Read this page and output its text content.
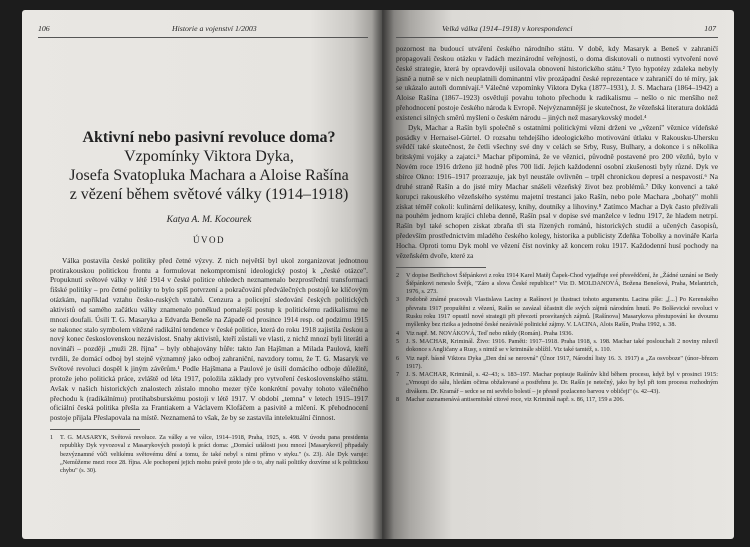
106	Historie a vojenství 1/2003
Aktivní nebo pasivní revoluce doma?
Vzpomínky Viktora Dyka,
Josefa Svatopluka Machara a Aloise Rašína
z vězení během světové války (1914–1918)
Katya A. M. Kocourek
ÚVOD

Válka postavila české politiky před četné výzvy. Z nich největší byl ukol zorganizovat jednotnou protirakouskou politickou frontu a formulovat nekompromisní ideologický postoj k „české otázce". Propuknutí světové války v létě 1914 v české politice ohledech neznamenalo bezprostřední transformaci fišské politiky – pro četné politiky to bylo spíš potvrzení a pokračování předválečných postojů ke klíčovým otázkám, například vztahu česko-ruských vztahů. Cenzura a policejní sledování českých politických aktivistů od samého začátku války znamenalo poněkud pomalejší postup k politickému radikalismu ne mnozí doufali. Úsilí T. G. Masaryka a Edvarda Beneše na Západě od prosince 1914 resp. od podzimu 1915 se nakonec stalo symbolem vítězné radikální tendence v české politice, která do roku 1918 zajistila českou a nový konec československou nezávislost. Snahy aktivistů, kteří zůstali ve vlasti, z nichž mnozí byli literáti a novináři – později „muži 28. října" – byly obhajovány hůře: takto Jan Hajšman a Milada Paulová, kteří tvrdili, že domácí odboj byl stejně významný jako odboj zahraniční, navzdory tomu, že T. G. Masaryk ve Světové revoluci dospěl k jiným závěrům.¹ Podle Hajšmana a Paulové je úsilí domácího odboje důležité, protože jeho politická práce, zvláště od léta 1917, položila základy pro vytvoření československého státu. Avšak v našich historických znalostech zůstalo mnoho mezer týče konkrétní povahy tohoto válečného přechodu k (radikálnímu) protihabsburskému postoji v létě 1917. V období „temna" v letech 1915–1917 oficiální česká politika přešla za Frantiakem a Václavem Klofáčem a pasivitě a mlčení. K přehodnocení postoje přijala Přeslapovala na místě. Neznamená to však, že by se zastavila intelektuální činnost.

1 T. G. MASARYK, Světová revoluce. Za války a ve válce, 1914–1918, Praha, 1925, s. 498. V úvodu pana presidenta republiky Dyk vyvozoval z Masarykových postojů k práci doma: „Domácí události jsou mnozí [Masarykovi] připadaly bezvýznamné vůči velikému světovému dění a tomu, že také nebyl s nimi přímo v styku." (s. 23). Ale Dyk varuje: „Nemůžeme mezi roce 28. října. Ale pochopení jejich mohu právě proto jde o to, aby naší politiky dozvíme si k politickou chybu" (s. 30).
Velká válka (1914–1918) v korespondenci	107

pozornost na budoucí utváření českého národního státu. V době, kdy Masaryk a Beneš v zahraničí propagovali českou otázku v řadách mezinárodní veřejnosti, o doma diskutovali o nutnosti vytvoření nové české strategie, která by opravdověji usilovala obnovení historického státu.² Tyto hypotézy zdaleka nebyly jasně a nutně se v nich neuplatnili dominantní vliv prozápadní české reprezentace v zahraničí do té míry, jak se ukázalo autoři domnívají.³ Válečné vzpomínky Viktora Dyka (1877–1931), J. S. Machara (1864–1942) a Aloise Rašína (1867–1923) osvětlují povahu tohoto přechodu k radikalismu – nešlo o nic menšího než přehodnocení postoje českého národa k Evropě. Nejvýznamnější je skutečnost, že vězeňská literatura dokládá existenci silných směrů myšlení o českém národu – jiných než masarykovský model.⁴

Dyk, Machar a Rašín byli společně s ostatními politickými vězni drženi ve „vězení" věznice vídeňské posádky v Hernaisel-Gürtel. O rozsahu tehdejšího ideologického motivování útlaku v Rakousku-Uhersku svědčí také skutečnost, že četli všechny své dny v celách se Srby, Rusy, Bulhary, a dokonce i s několika britskými vojáky a zajatci.⁵ Machar připomíná, že ve věznici, původně postavené pro 200 vězňů, bylo v Novém roce 1916 drženo již hodně přes 700 lidí. Jejich každodenní osobní zkušenosti byly různé. Dyk ve sbírce Okno: 1916–1917 prozrazuje, jak byl neustále ovlivněn – trpěl chronickou depresí a nespavostí.⁶ Na druhé straně Rašín a do jisté míry Machar snášeli vězeňský život bez problémů.⁷ Díky konvenci a také korupci rakouského vězeňského systému majetní trestanci jako Rašín, nebo pole Machara „bohatý" mohli získat téměř cokoli: kulinární delikatesy, knihy, doutníky a lihoviny.⁸ Zatímco Machar a Dyk často přežívali na pouhém jednom krajíci chleba denně, Rašín psal v dopise své manželce v lednu 1917, že hladem netrpí. Rašín byl také schopen získat zbraňa tři sta řízených románů, historických studií a učených časopisů, především prostřednictvím mladého českého kolegy, historika a publicisty Zdeňka Tobolky a novináře Karla Hocha. Oproti tomu Dyk mohl ve vězení číst novinky až koncem roku 1917. Každodenní husí pochody na vězeňském dvoře, které za

2 V dopise Bedřichovi Štěpánkovi z roku 1914 Karel Matěj Čapek-Chod vyjadřuje své přesvědčení, že „Žádné uznání se Bedy Štěpánkovi neneslo Švějk, "Záro a slova České republice!" Viz D. MOLDANOVÁ, Božena Benešová, Praha, Melantrich, 1976, s. 273.
3 Podobně známé pracovali Vlastislava Laciny a Rašínovi je ilustraci tohoto argumentu. Lacina píše: „[...] Po Kerenského převratu 1917 propuštěni z vězení, Rašín se zavázal účastnit dle svých zájmů národním hnutí. Po Bolševické revoluci v Rusku roku 1917 opustil nové strategii při převzetí prosvítaných zájmů. [Rašínova] Masarykova přestupování ke dvoumu myšlenky bez rizika a jednotné české nezávislé polinické zájmy. V. LACINA, Alois Rašín, Praha 1992, s. 38.
4 Viz např. M. NOVÁKOVÁ, Teď nebo nikdy (Román). Praha 1936.
5 J. S. MACHAR, Kriminál. Živo: 1916. Paměti: 1917–1918. Praha 1918, s. 198. Machar také poslouchali 2 noviny mluvil dokonce s Angličany a Rusy, s nimiž se v kriminále sblížil. Viz také tamtéž, s. 110.
6 Viz např. básně Viktora Dyka „Den dní se nerovná" (Únor 1917, Národní listy 16. 3. 1917) a „Za osvoboze" (únor–březen 1917).
7 J. S. MACHAR, Kriminál, s. 42–43; s. 183–197. Machar popisuje Rašínův klid během procesu, když byl v prosinci 1915: „Vrnoupi do sálu, hledám očima obžalované a postřehnu je. Dr. Rašín je netečný, jako by byl při tom procesu rozhodným divákem. Dr. Kramář – sedce se mi sevřelo bolestí – je přesně pozlaceno barvou v obličeji" (s. 42–43).
8 Machar zaznamenává antisemitské citové roce, viz Kriminál např. s. 86, 117, 159 a 206.
